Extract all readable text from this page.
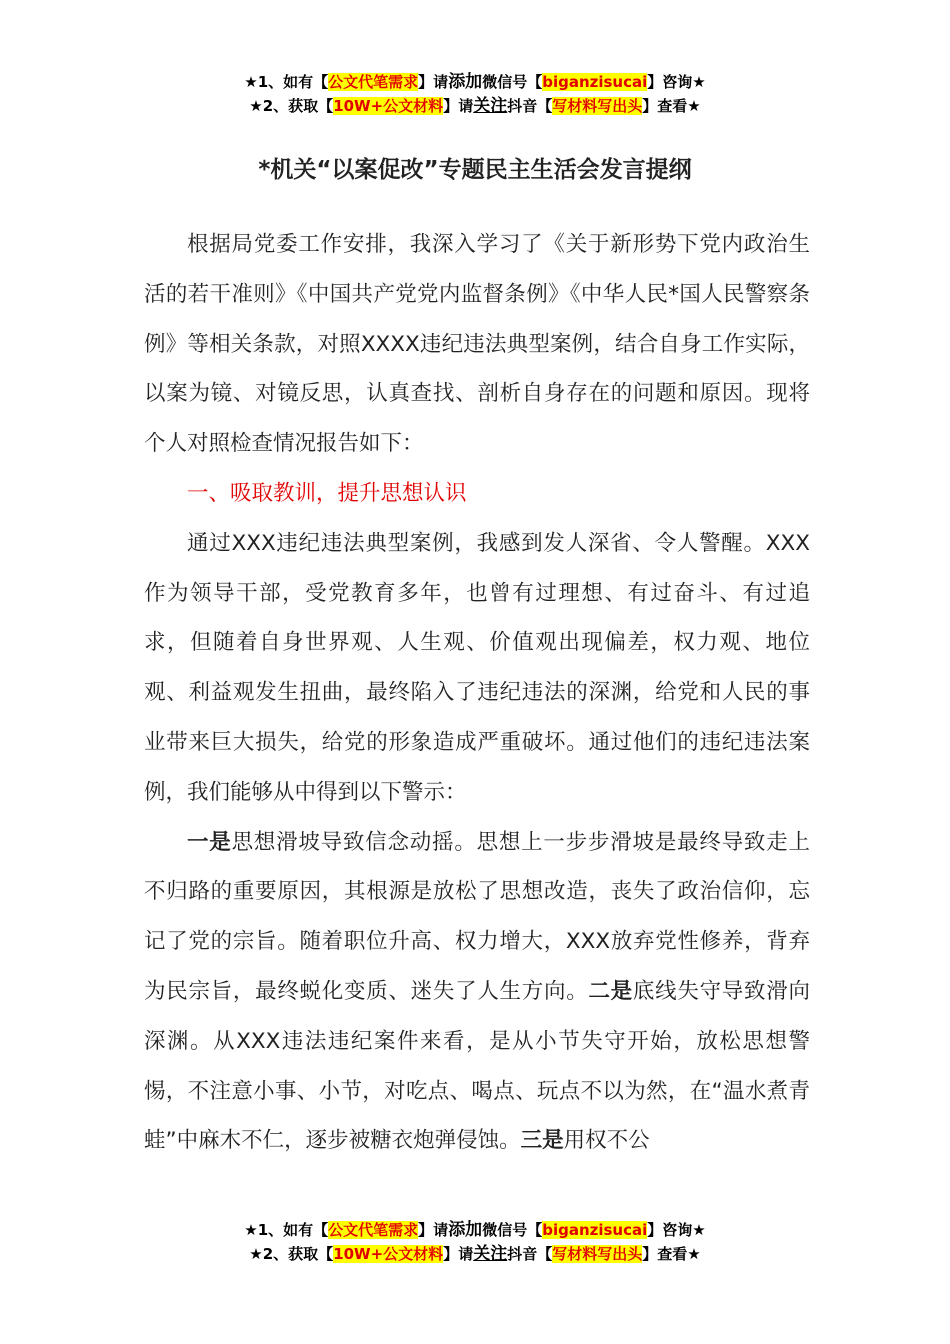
★1、如有【公文代笔需求】请添加微信号【biganzisucai】咨询★
★2、获取【10W+公文材料】请关注抖音【写材料写出头】查看★
*机关“以案促改”专题民主生活会发言提纲

根据局党委工作安排，我深入学习了《关于新形势下党内政治生活的若干准则》《中国共产党党内监督条例》《中华人民*国人民警察条例》等相关条款，对照XXXX违纪违法典型案例，结合自身工作实际，以案为镜、对镜反思，认真查找、剖析自身存在的问题和原因。现将个人对照检查情况报告如下：

一、吸取教训，提升思想认识

通过XXX违纪违法典型案例，我感到发人深省、令人警醒。XXX作为领导干部，受党教育多年，也曾有过理想、有过奋斗、有过追求，但随着自身世界观、人生观、价值观出现偏差，权力观、地位观、利益观发生扭曲，最终陷入了违纪违法的深渊，给党和人民的事业带来巨大损失，给党的形象造成严重破坏。通过他们的违纪违法案例，我们能够从中得到以下警示：

一是思想滑坡导致信念动摇。思想上一步步滑坡是最终导致走上不归路的重要原因，其根源是放松了思想改造，丧失了政治信仰，忘记了党的宗旨。随着职位升高、权力增大，XXX放弃党性修养，背弃为民宗旨，最终蜕化变质、迷失了人生方向。二是底线失守导致滑向深渊。从XXX违法违纪案件来看，是从小节失守开始，放松思想警惕，不注意小事、小节，对吃点、喝点、玩点不以为然，在“温水煮青蛙”中麻木不仁，逐步被糖衣炮弹侵蚀。三是用权不公

★1、如有【公文代笔需求】请添加微信号【biganzisucai】咨询★
★2、获取【10W+公文材料】请关注抖音【写材料写出头】查看★
